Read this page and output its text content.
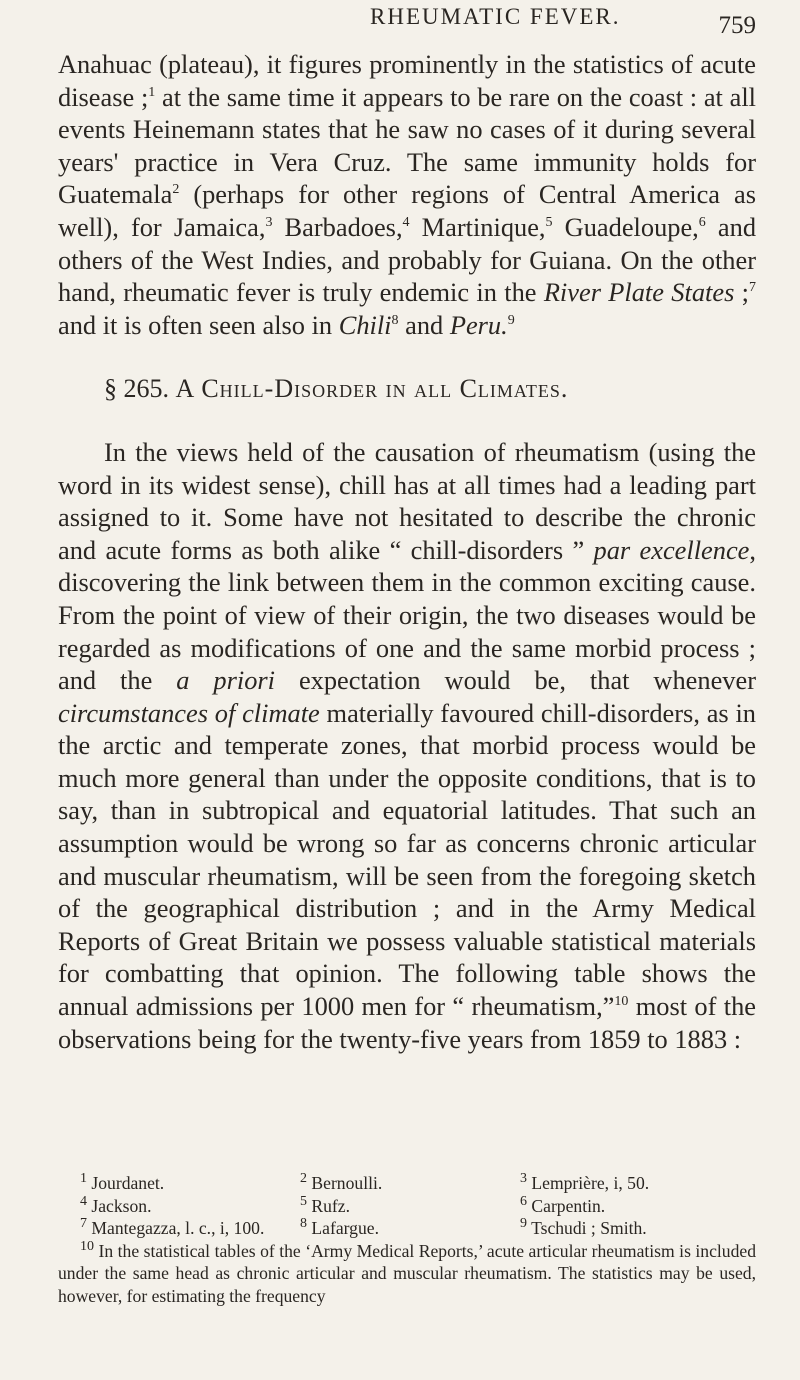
RHEUMATIC FEVER.	759

Anahuac (plateau), it figures prominently in the statistics of acute disease ;$^1$ at the same time it appears to be rare on the coast : at all events Heinemann states that he saw no cases of it during several years' practice in Vera Cruz. The same immunity holds for Guatemala$^2$ (perhaps for other regions of Central America as well), for Jamaica,$^3$ Barbadoes,$^4$ Martinique,$^5$ Guadeloupe,$^6$ and others of the West Indies, and probably for Guiana. On the other hand, rheumatic fever is truly endemic in the River Plate States ;$^7$ and it is often seen also in Chili$^8$ and Peru.$^9$

§ 265. A Chill-Disorder in all Climates.

In the views held of the causation of rheumatism (using the word in its widest sense), chill has at all times had a leading part assigned to it. Some have not hesitated to describe the chronic and acute forms as both alike “ chill-disorders ” par excellence, discovering the link between them in the common exciting cause. From the point of view of their origin, the two diseases would be regarded as modifications of one and the same morbid process ; and the a priori expectation would be, that whenever circumstances of climate materially favoured chill-disorders, as in the arctic and temperate zones, that morbid process would be much more general than under the opposite conditions, that is to say, than in subtropical and equatorial latitudes. That such an assumption would be wrong so far as concerns chronic articular and muscular rheumatism, will be seen from the foregoing sketch of the geographical distribution ; and in the Army Medical Reports of Great Britain we possess valuable statistical materials for combatting that opinion. The following table shows the annual admissions per 1000 men for “ rheumatism,”$^{10}$ most of the observations being for the twenty-five years from 1859 to 1883 :

$^1$ Jourdanet.	$^2$ Bernoulli.	$^3$ Lemprière, i, 50.
$^4$ Jackson.	$^5$ Rufz.	$^6$ Carpentin.
$^7$ Mantegazza, l. c., i, 100.	$^8$ Lafargue.	$^9$ Tschudi ; Smith.
$^{10}$ In the statistical tables of the ‘Army Medical Reports,’ acute articular rheumatism is included under the same head as chronic articular and muscular rheumatism. The statistics may be used, however, for estimating the frequency
